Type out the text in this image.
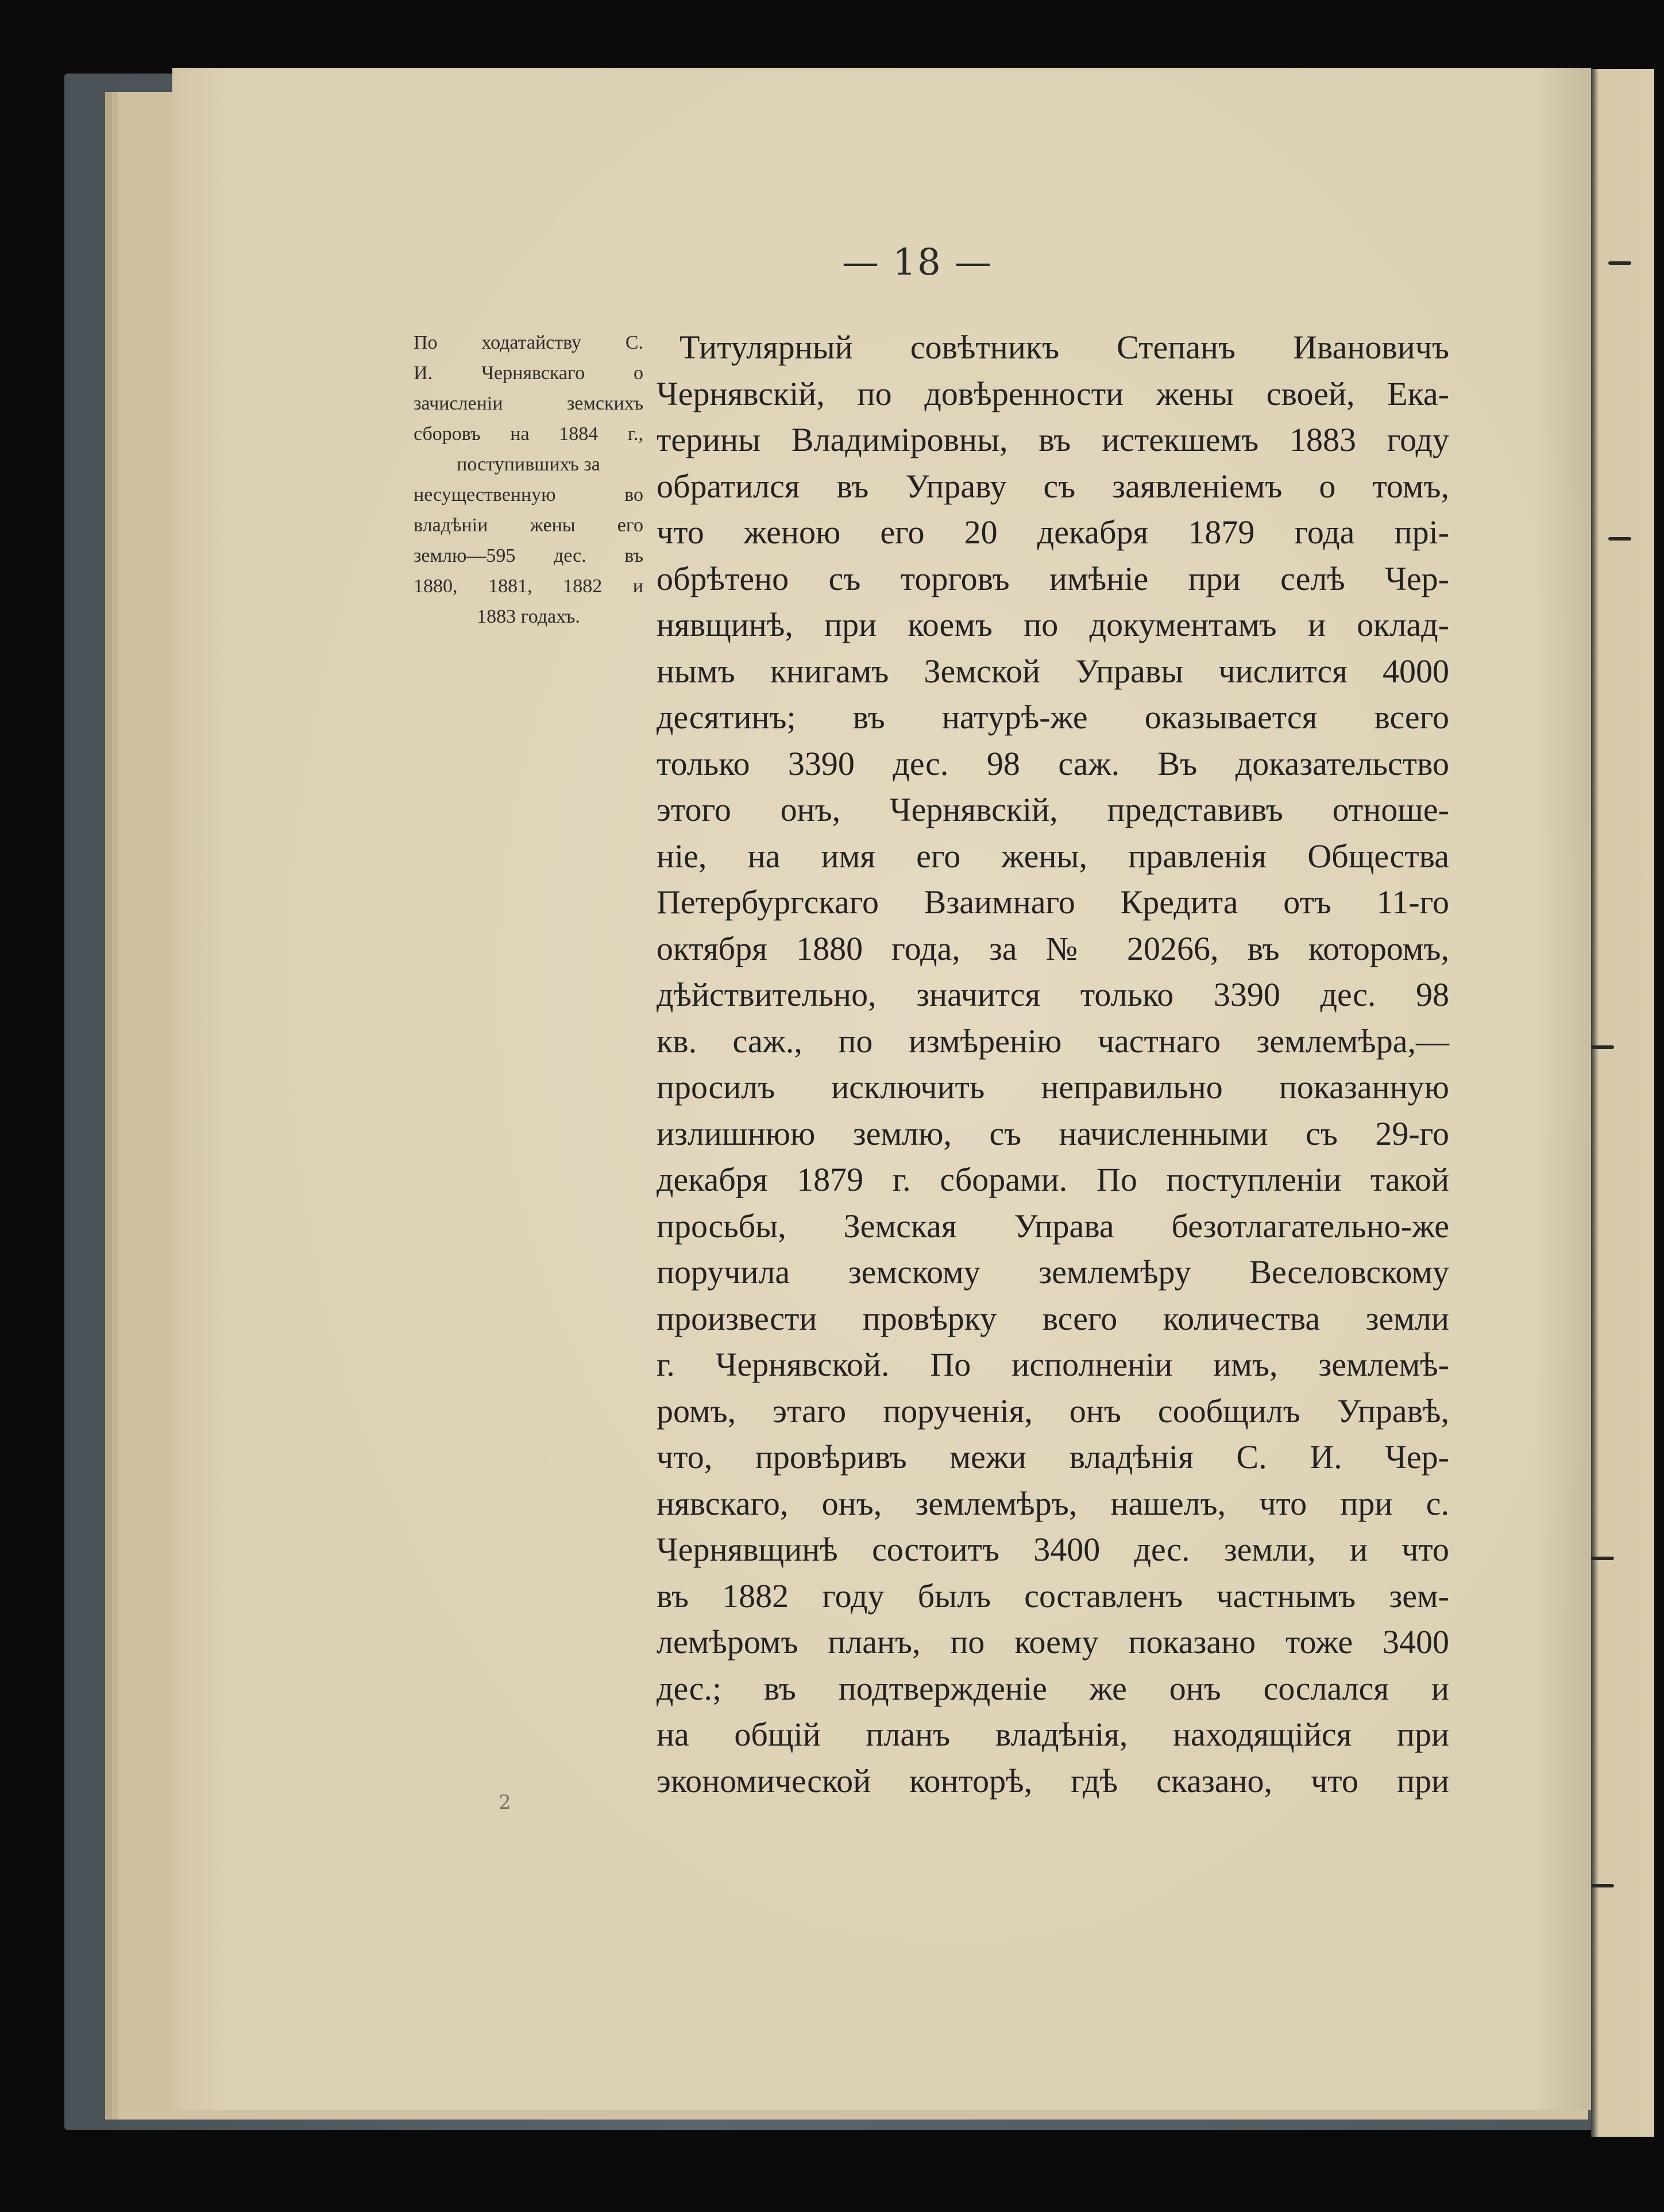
— 18 —
По ходатайству С.
И. Чернявскаго о
зачисленіи земскихъ
сборовъ на 1884 г.,
поступившихъ за
несущественную во
владѣніи жены его
землю—595 дес. въ
1880, 1881, 1882 и
1883 годахъ.
Титулярный совѣтникъ Степанъ Ивановичъ
Чернявскій, по довѣренности жены своей, Ека-
терины Владиміровны, въ истекшемъ 1883 году
обратился въ Управу съ заявленіемъ о томъ,
что женою его 20 декабря 1879 года прі-
обрѣтено съ торговъ имѣніе при селѣ Чер-
нявщинѣ, при коемъ по документамъ и оклад-
нымъ книгамъ Земской Управы числится 4000
десятинъ; въ натурѣ-же оказывается всего
только 3390 дес. 98 саж. Въ доказательство
этого онъ, Чернявскій, представивъ отноше-
ніе, на имя его жены, правленія Общества
Петербургскаго Взаимнаго Кредита отъ 11-го
октября 1880 года, за № 20266, въ которомъ,
дѣйствительно, значится только 3390 дес. 98
кв. саж., по измѣренію частнаго землемѣра,—
просилъ исключить неправильно показанную
излишнюю землю, съ начисленными съ 29-го
декабря 1879 г. сборами. По поступленіи такой
просьбы, Земская Управа безотлагательно-же
поручила земскому землемѣру Веселовскому
произвести провѣрку всего количества земли
г. Чернявской. По исполненіи имъ, землемѣ-
ромъ, этаго порученія, онъ сообщилъ Управѣ,
что, провѣривъ межи владѣнія С. И. Чер-
нявскаго, онъ, землемѣръ, нашелъ, что при с.
Чернявщинѣ состоитъ 3400 дес. земли, и что
въ 1882 году былъ составленъ частнымъ зем-
лемѣромъ планъ, по коему показано тоже 3400
дес.; въ подтвержденіе же онъ сослался и
на общій планъ владѣнія, находящійся при
экономической конторѣ, гдѣ сказано, что при
2
